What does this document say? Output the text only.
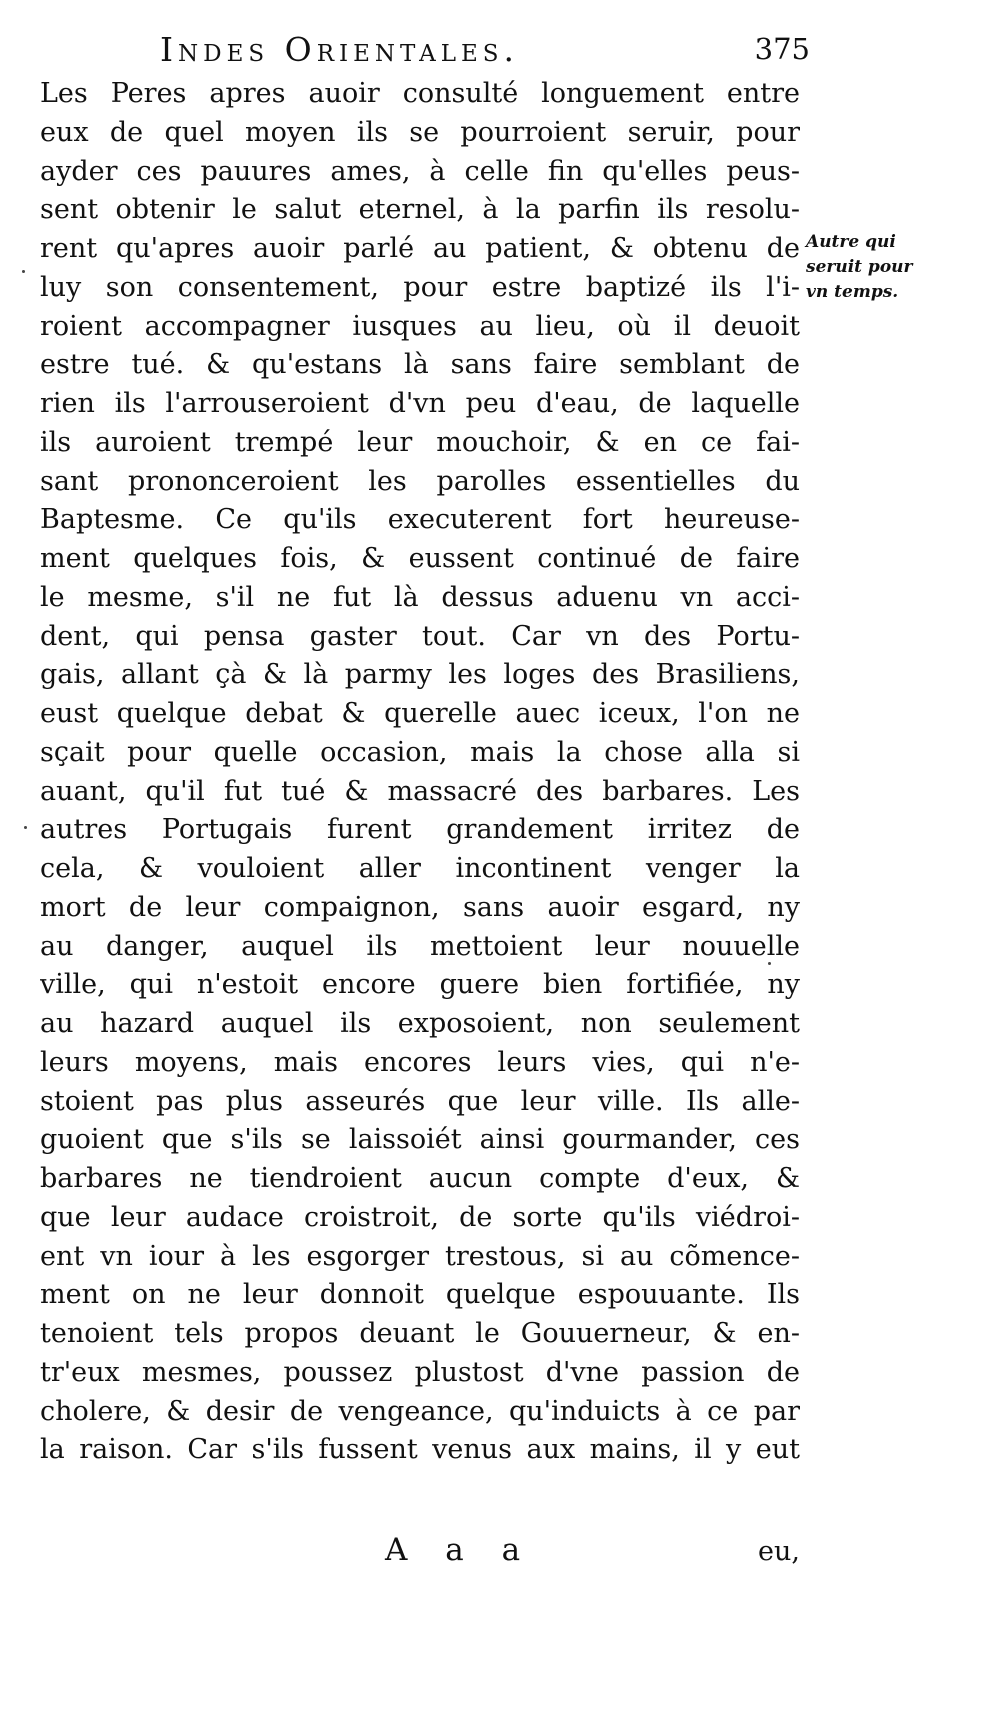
Indes Orientales.	375
Les Peres apres auoir consulté longuement entre
eux de quel moyen ils se pourroient seruir, pour
ayder ces pauures ames, à celle fin qu'elles peus-
sent obtenir le salut eternel, à la parfin ils resolu-
rent qu'apres auoir parlé au patient, & obtenu de
luy son consentement, pour estre baptizé ils l'i-
roient accompagner iusques au lieu, où il deuoit
estre tué. & qu'estans là sans faire semblant de
rien ils l'arrouseroient d'vn peu d'eau, de laquelle
ils auroient trempé leur mouchoir, & en ce fai-
sant prononceroient les parolles essentielles du
Baptesme. Ce qu'ils executerent fort heureuse-
ment quelques fois, & eussent continué de faire
le mesme, s'il ne fut là dessus aduenu vn acci-
dent, qui pensa gaster tout. Car vn des Portu-
gais, allant çà & là parmy les loges des Brasiliens,
eust quelque debat & querelle auec iceux, l'on ne
sçait pour quelle occasion, mais la chose alla si
auant, qu'il fut tué & massacré des barbares. Les
autres Portugais furent grandement irritez de
cela, & vouloient aller incontinent venger la
mort de leur compaignon, sans auoir esgard, ny
au danger, auquel ils mettoient leur nouuelle
ville, qui n'estoit encore guere bien fortifiée, ny
au hazard auquel ils exposoient, non seulement
leurs moyens, mais encores leurs vies, qui n'e-
stoient pas plus asseurés que leur ville. Ils alle-
guoient que s'ils se laissoiét ainsi gourmander, ces
barbares ne tiendroient aucun compte d'eux, &
que leur audace croistroit, de sorte qu'ils viédroi-
ent vn iour à les esgorger trestous, si au cõmence-
ment on ne leur donnoit quelque espouuante. Ils
tenoient tels propos deuant le Gouuerneur, & en-
tr'eux mesmes, poussez plustost d'vne passion de
cholere, & desir de vengeance, qu'induicts à ce par
la raison. Car s'ils fussent venus aux mains, il y eut
Autre qui
seruit pour
vn temps.
A a a	eu,
